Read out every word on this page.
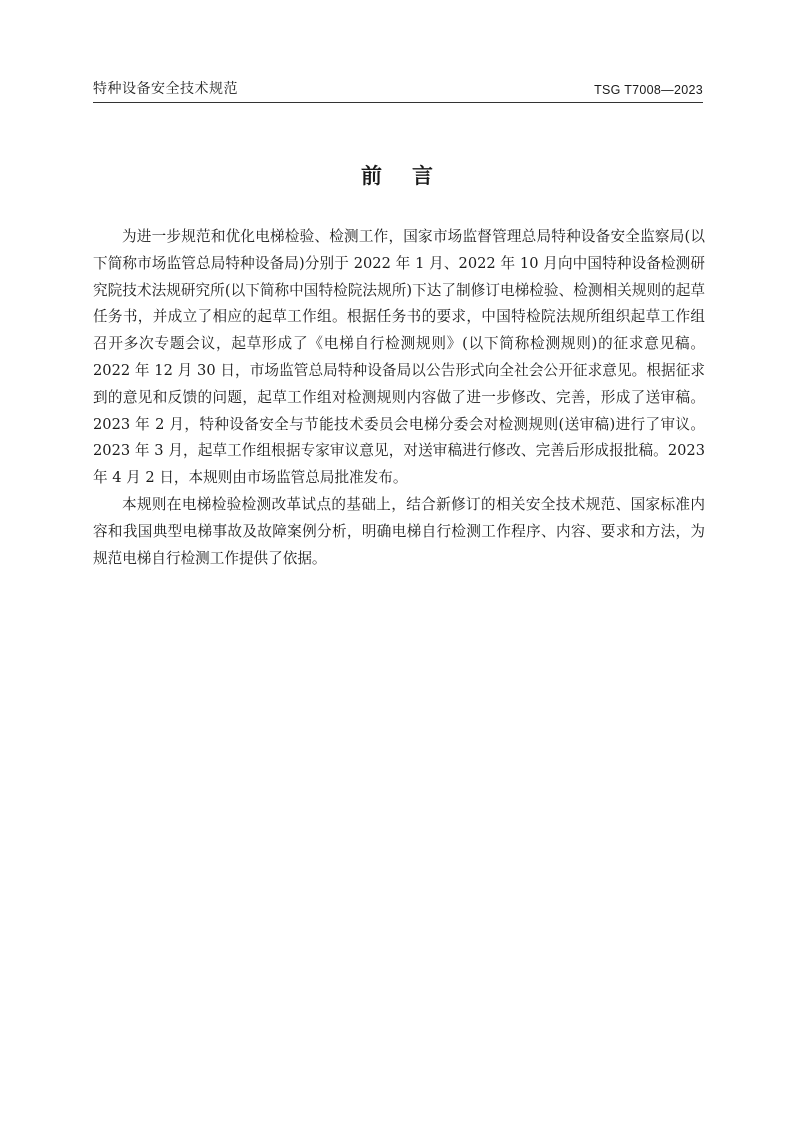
特种设备安全技术规范	TSG T7008—2023
前言

为进一步规范和优化电梯检验、检测工作，国家市场监督管理总局特种设备安全监察局(以下简称市场监管总局特种设备局)分别于 2022 年 1 月、2022 年 10 月向中国特种设备检测研究院技术法规研究所(以下简称中国特检院法规所)下达了制修订电梯检验、检测相关规则的起草任务书，并成立了相应的起草工作组。根据任务书的要求，中国特检院法规所组织起草工作组召开多次专题会议，起草形成了《电梯自行检测规则》(以下简称检测规则)的征求意见稿。2022 年 12 月 30 日，市场监管总局特种设备局以公告形式向全社会公开征求意见。根据征求到的意见和反馈的问题，起草工作组对检测规则内容做了进一步修改、完善，形成了送审稿。2023 年 2 月，特种设备安全与节能技术委员会电梯分委会对检测规则(送审稿)进行了审议。2023 年 3 月，起草工作组根据专家审议意见，对送审稿进行修改、完善后形成报批稿。2023 年 4 月 2 日，本规则由市场监管总局批准发布。

本规则在电梯检验检测改革试点的基础上，结合新修订的相关安全技术规范、国家标准内容和我国典型电梯事故及故障案例分析，明确电梯自行检测工作程序、内容、要求和方法，为规范电梯自行检测工作提供了依据。
